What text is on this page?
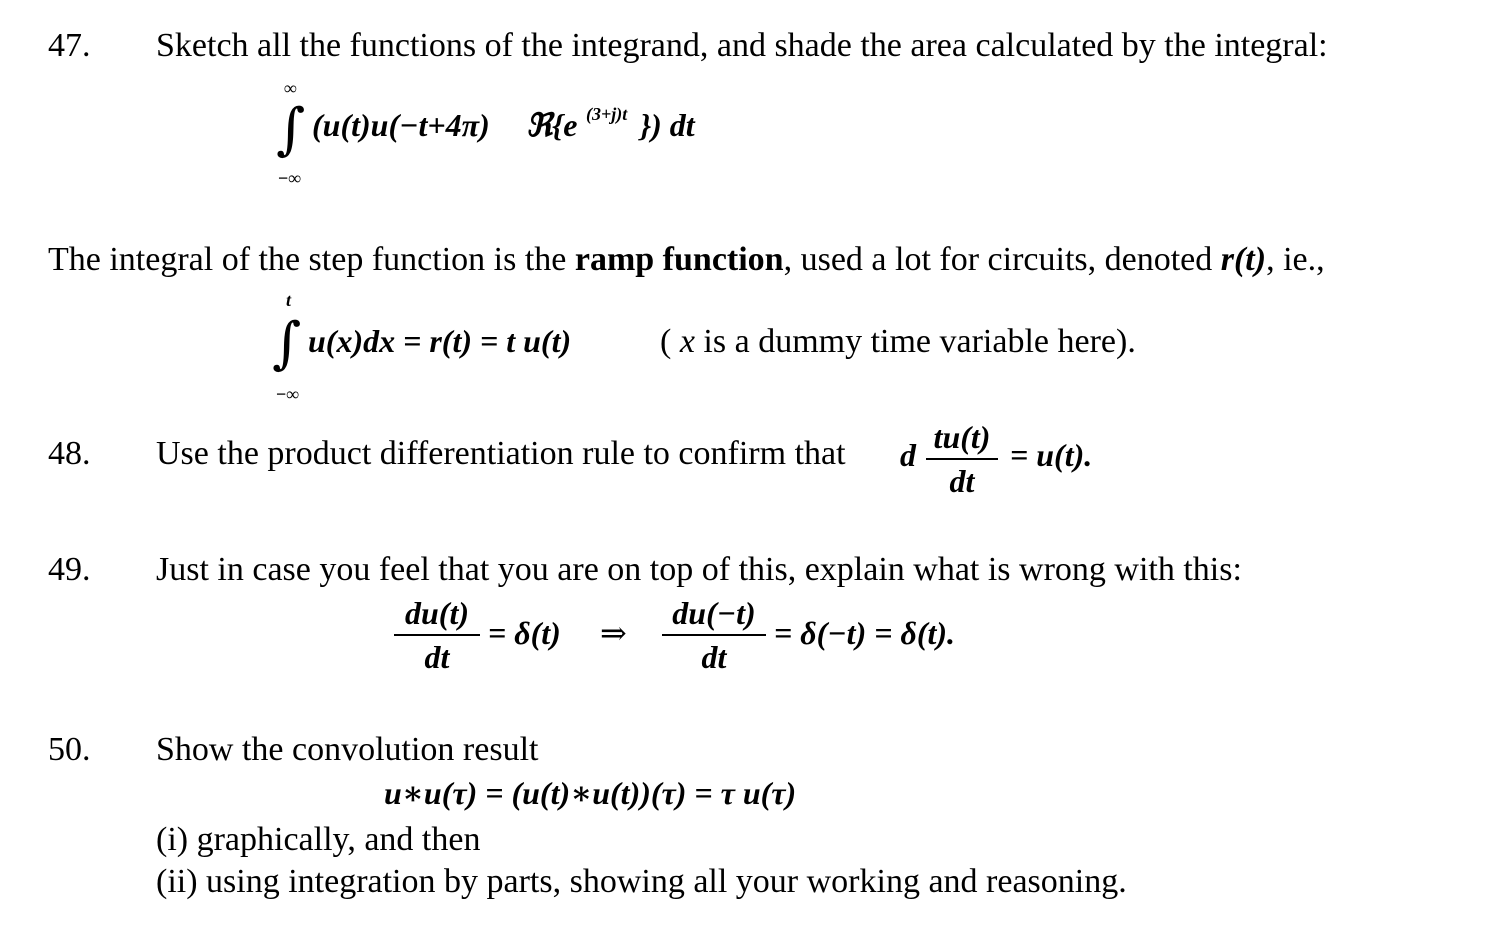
47. Sketch all the functions of the integrand, and shade the area calculated by the integral:
∞
∫
−∞
(u(t)u(−t+4π) ℜ{e (3+j)t }) dt
The integral of the step function is the ramp function, used a lot for circuits, denoted r(t), ie.,
t
∫
−∞
u(x)dx = r(t) = t u(t)	( x is a dummy time variable here).
48. Use the product differentiation rule to confirm that d tu(t)
dt
= u(t).
49. Just in case you feel that you are on top of this, explain what is wrong with this:
du(t)
dt
= δ(t) ⇒
du(−t)
dt
= δ(−t) = δ(t).
50. Show the convolution result
u∗u(τ) = (u(t)∗u(t))(τ) = τ u(τ)
(i) graphically, and then
(ii) using integration by parts, showing all your working and reasoning.
